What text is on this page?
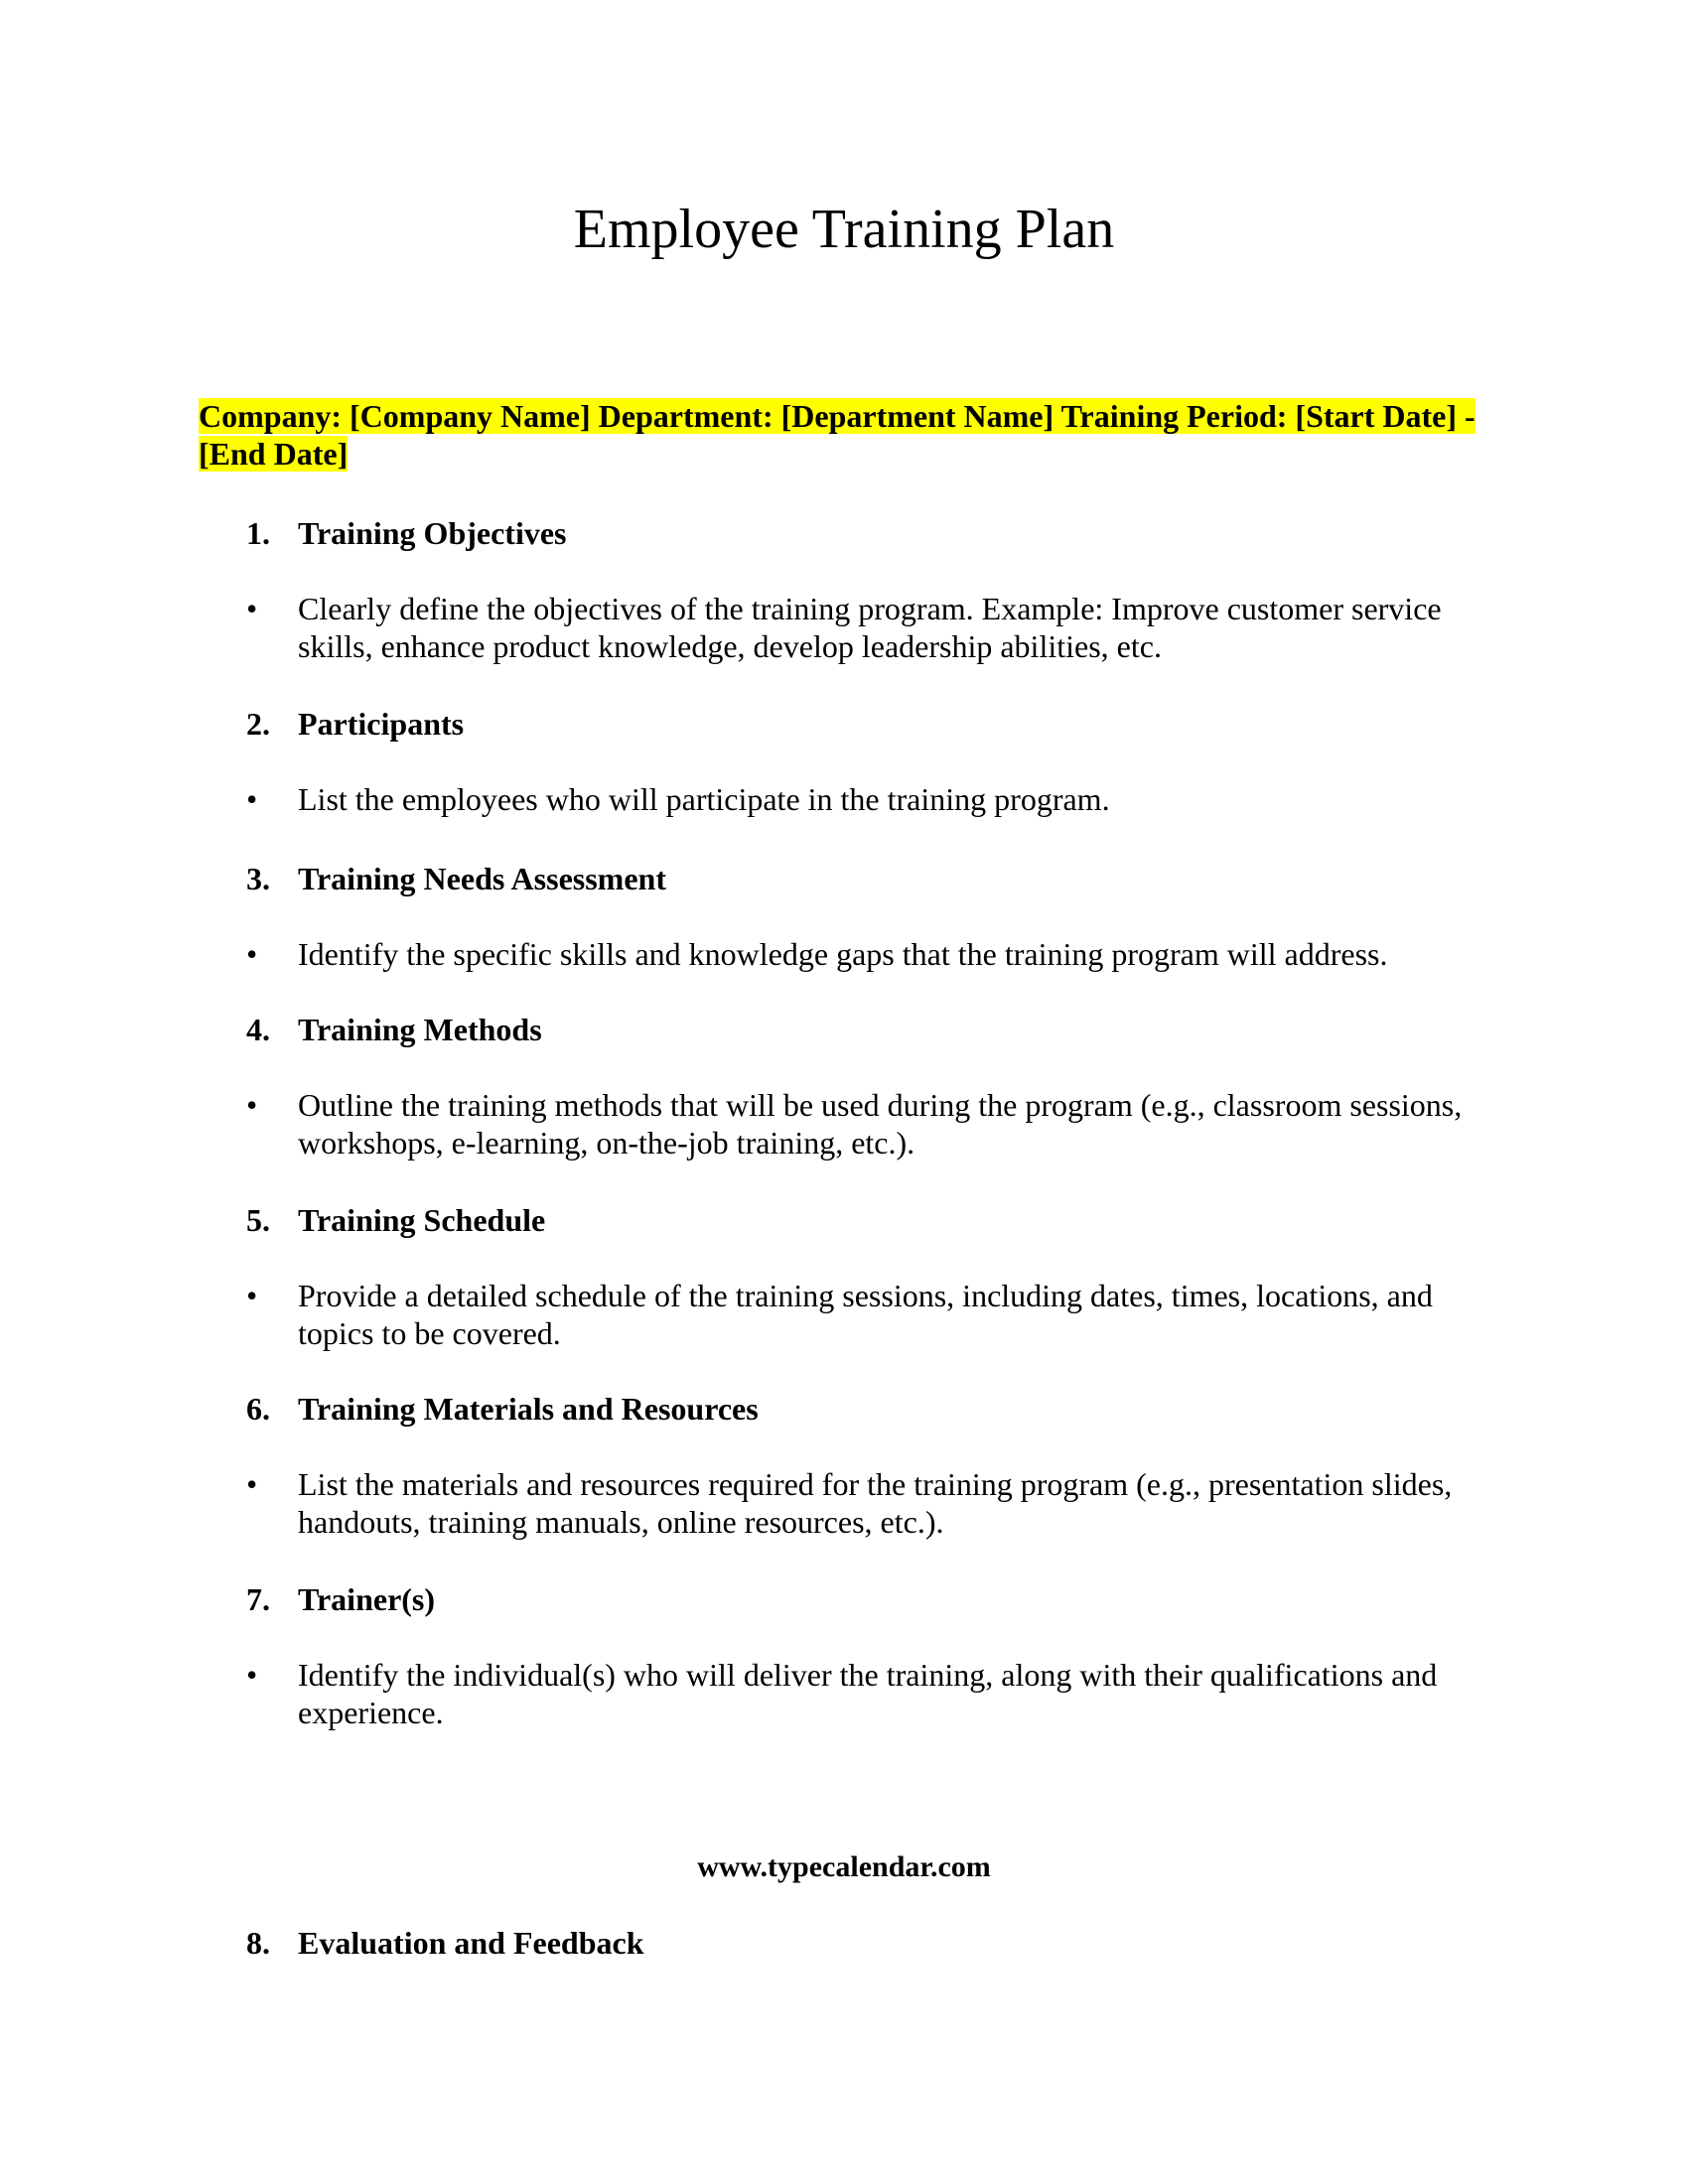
Employee Training Plan

Company: [Company Name] Department: [Department Name] Training Period: [Start Date] - [End Date]

1. Training Objectives
• Clearly define the objectives of the training program. Example: Improve customer service skills, enhance product knowledge, develop leadership abilities, etc.
2. Participants
• List the employees who will participate in the training program.
3. Training Needs Assessment
• Identify the specific skills and knowledge gaps that the training program will address.
4. Training Methods
• Outline the training methods that will be used during the program (e.g., classroom sessions, workshops, e-learning, on-the-job training, etc.).
5. Training Schedule
• Provide a detailed schedule of the training sessions, including dates, times, locations, and topics to be covered.
6. Training Materials and Resources
• List the materials and resources required for the training program (e.g., presentation slides, handouts, training manuals, online resources, etc.).
7. Trainer(s)
• Identify the individual(s) who will deliver the training, along with their qualifications and experience.
www.typecalendar.com
8. Evaluation and Feedback
